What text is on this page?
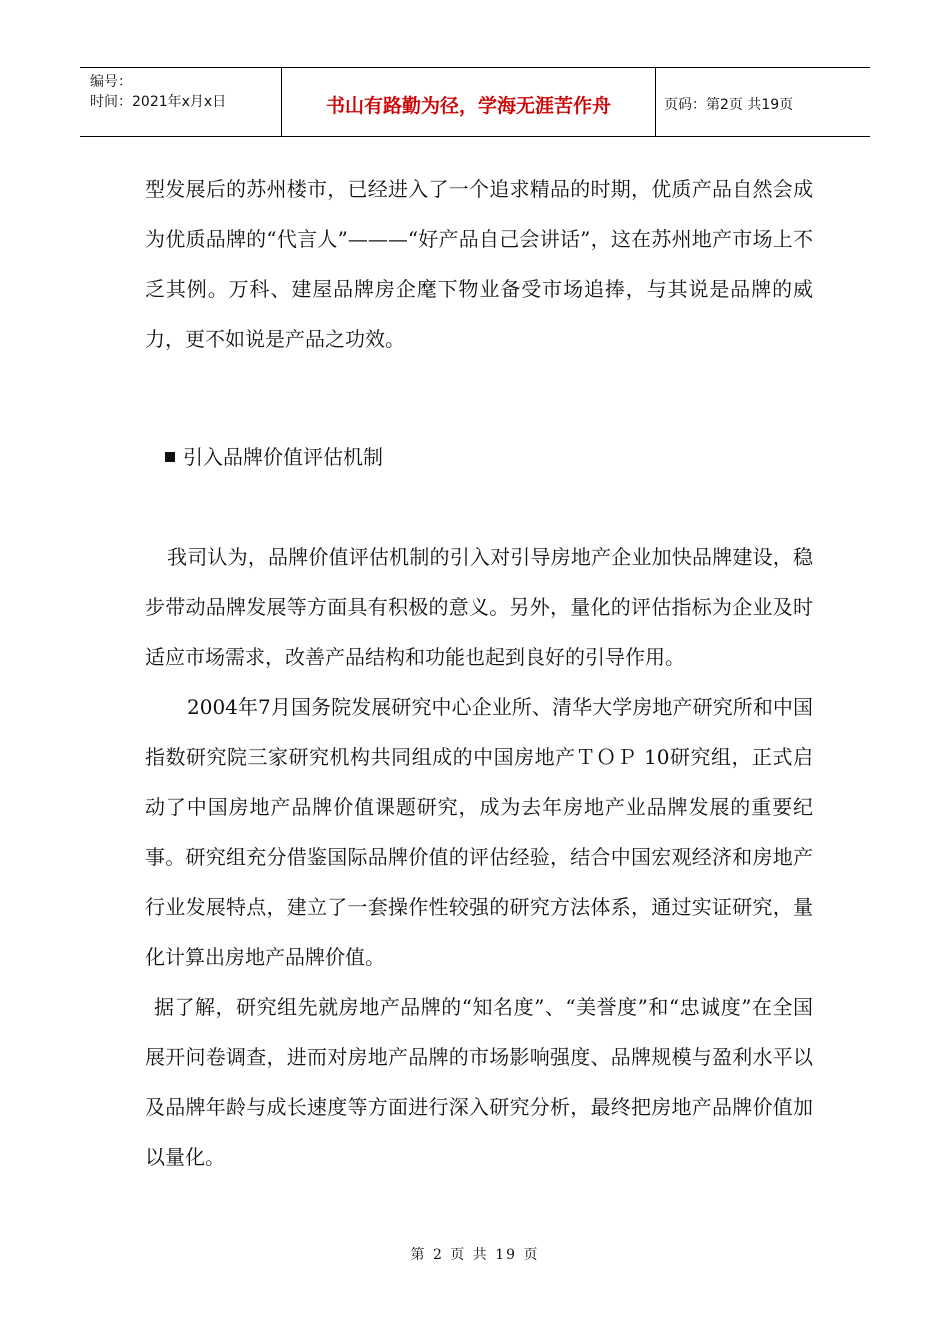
编号：
时间：2021年x月x日	书山有路勤为径，学海无涯苦作舟	页码：第2页 共19页

型发展后的苏州楼市，已经进入了一个追求精品的时期，优质产品自然会成为优质品牌的“代言人”———“好产品自己会讲话”，这在苏州地产市场上不乏其例。万科、建屋品牌房企麾下物业备受市场追捧，与其说是品牌的威力，更不如说是产品之功效。

引入品牌价值评估机制

我司认为，品牌价值评估机制的引入对引导房地产企业加快品牌建设，稳步带动品牌发展等方面具有积极的意义。另外，量化的评估指标为企业及时适应市场需求，改善产品结构和功能也起到良好的引导作用。

2004年7月国务院发展研究中心企业所、清华大学房地产研究所和中国指数研究院三家研究机构共同组成的中国房地产ＴＯＰ 10研究组，正式启动了中国房地产品牌价值课题研究，成为去年房地产业品牌发展的重要纪事。研究组充分借鉴国际品牌价值的评估经验，结合中国宏观经济和房地产行业发展特点，建立了一套操作性较强的研究方法体系，通过实证研究，量化计算出房地产品牌价值。

据了解，研究组先就房地产品牌的“知名度”、“美誉度”和“忠诚度”在全国展开问卷调查，进而对房地产品牌的市场影响强度、品牌规模与盈利水平以及品牌年龄与成长速度等方面进行深入研究分析，最终把房地产品牌价值加以量化。

第 2 页 共 19 页
